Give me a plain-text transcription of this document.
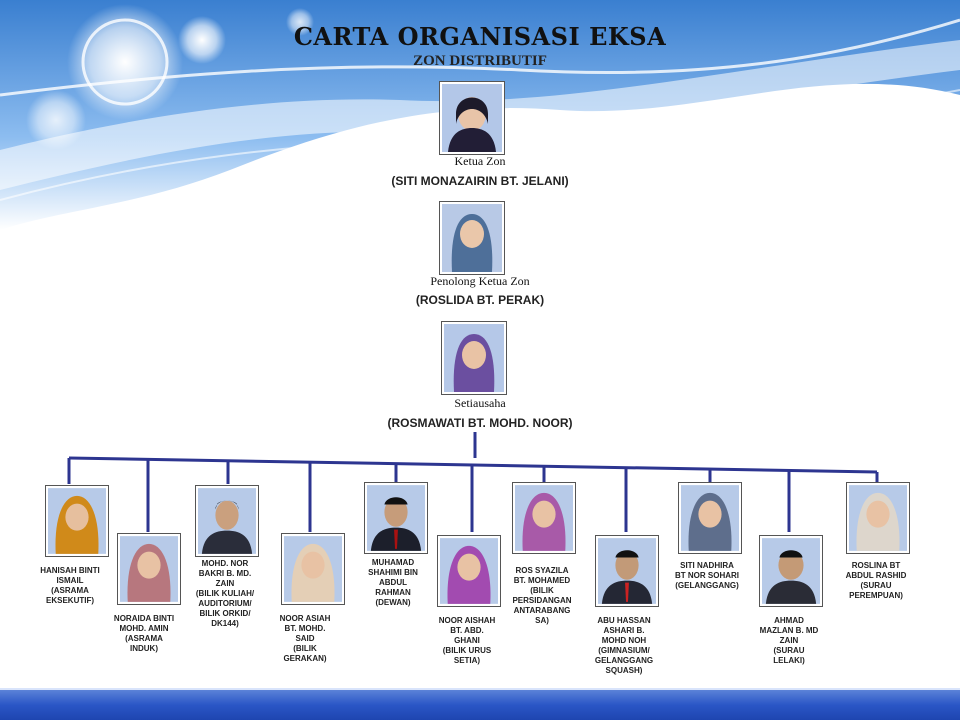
CARTA ORGANISASI EKSA
ZON DISTRIBUTIF
Ketua Zon
(SITI MONAZAIRIN BT. JELANI)
Penolong Ketua Zon
(ROSLIDA BT. PERAK)
Setiausaha
(ROSMAWATI BT. MOHD. NOOR)
HANISAH BINTI
ISMAIL
(ASRAMA
EKSEKUTIF)
NORAIDA BINTI
MOHD. AMIN
(ASRAMA
INDUK)
MOHD. NOR
BAKRI B. MD.
ZAIN
(BILIK KULIAH/
AUDITORIUM/
BILIK ORKID/
DK144)
NOOR ASIAH
BT. MOHD.
SAID
(BILIK
GERAKAN)
MUHAMAD
SHAHIMI BIN
ABDUL
RAHMAN
(DEWAN)
NOOR AISHAH
BT. ABD.
GHANI
(BILIK URUS
SETIA)
ROS SYAZILA
BT. MOHAMED
(BILIK
PERSIDANGAN
ANTARABANG
SA)	ABU HASSAN
ASHARI B.
MOHD NOH
(GIMNASIUM/
GELANGGANG
SQUASH)
SITI NADHIRA
BT NOR SOHARI
(GELANGGANG)
AHMAD
MAZLAN B. MD
ZAIN
(SURAU
LELAKI)
ROSLINA BT
ABDUL RASHID
(SURAU
PEREMPUAN)
